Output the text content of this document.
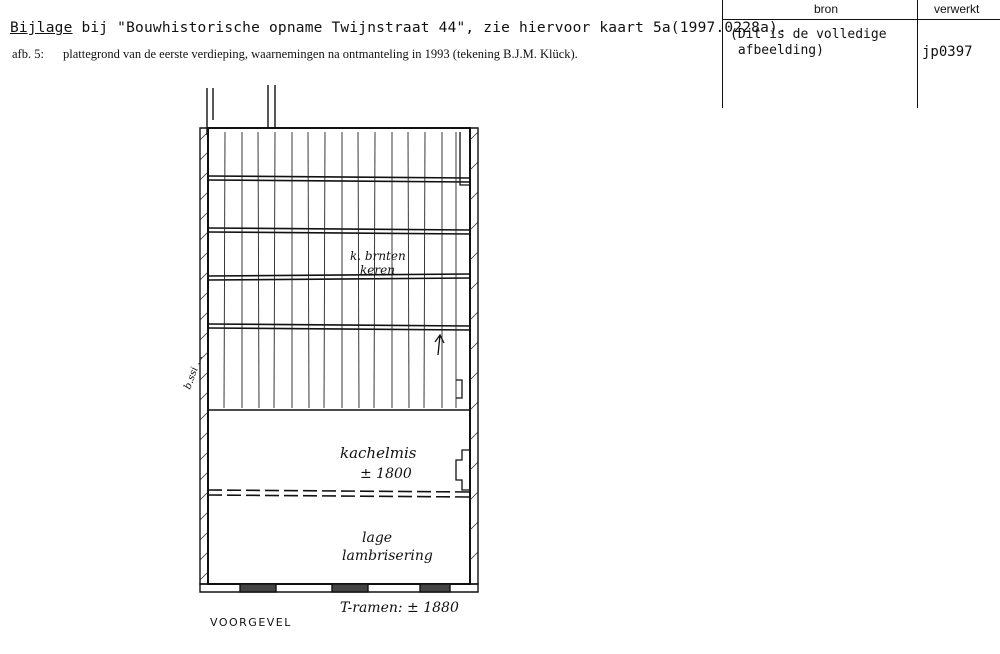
Bijlage bij "Bouwhistorische opname Twijnstraat 44", zie hiervoor kaart 5a(1997.0228a).
afb. 5: plattegrond van de eerste verdieping, waarnemingen na ontmanteling in 1993 (tekening B.J.M. Klück).
bron	verwerkt
(Dit is de volledige
afbeelding)	jp0397
k. brnten keren
kachelmis
± 1800
lage
lambrisering
T-ramen: ± 1880
VOORGEVEL
b.ssi ...
